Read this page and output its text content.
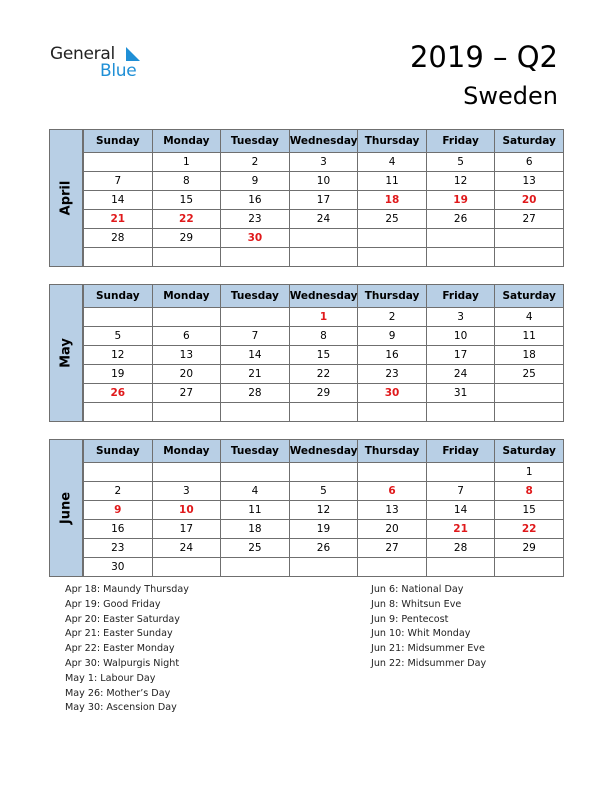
General
Blue	2019 – Q2
Sweden
April
Sunday	Monday	Tuesday	Wednesday	Thursday	Friday	Saturday
	1	2	3	4	5	6
7	8	9	10	11	12	13
14	15	16	17	18	19	20
21	22	23	24	25	26	27
28	29	30				

May
Sunday	Monday	Tuesday	Wednesday	Thursday	Friday	Saturday
			1	2	3	4
5	6	7	8	9	10	11
12	13	14	15	16	17	18
19	20	21	22	23	24	25
26	27	28	29	30	31	

June
Sunday	Monday	Tuesday	Wednesday	Thursday	Friday	Saturday
						1
2	3	4	5	6	7	8
9	10	11	12	13	14	15
16	17	18	19	20	21	22
23	24	25	26	27	28	29
30						
Apr 18: Maundy Thursday
Apr 19: Good Friday
Apr 20: Easter Saturday
Apr 21: Easter Sunday
Apr 22: Easter Monday
Apr 30: Walpurgis Night
May 1: Labour Day
May 26: Mother’s Day
May 30: Ascension Day
Jun 6: National Day
Jun 8: Whitsun Eve
Jun 9: Pentecost
Jun 10: Whit Monday
Jun 21: Midsummer Eve
Jun 22: Midsummer Day
